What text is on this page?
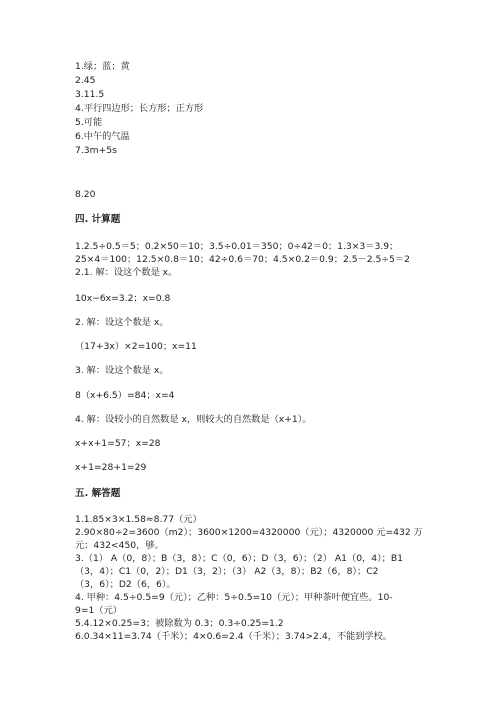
1.绿；蓝；黄

2.45

3.11.5

4.平行四边形；长方形；正方形

5.可能

6.中午的气温

7.3m+5s

8.20

四. 计算题

1.2.5÷0.5＝5；0.2×50＝10；3.5÷0.01＝350；0÷42＝0；1.3×3＝3.9；

25×4＝100；12.5×0.8＝10；42÷0.6＝70；4.5×0.2＝0.9；2.5－2.5÷5＝2

2.1. 解：设这个数是 x。

10x−6x=3.2；x=0.8

2. 解：设这个数是 x。

（17+3x）×2=100；x=11

3. 解：设这个数是 x。

8（x+6.5）=84；x=4

4. 解：设较小的自然数是 x，则较大的自然数是（x+1）。

x+x+1=57；x=28

x+1=28+1=29

五. 解答题

1.1.85×3×1.58≈8.77（元）

2.90×80÷2=3600（m2）；3600×1200=4320000（元）；4320000 元=432 万

元；432<450，够。

3.（1） A（0，8）；B（3，8）；C（0，6）；D（3，6）；（2） A1（0，4）；B1

（3，4）；C1（0，2）；D1（3，2）；（3） A2（3，8）；B2（6，8）；C2

（3，6）；D2（6，6）。

4. 甲种：4.5÷0.5=9（元）；乙种：5÷0.5=10（元）；甲种茶叶便宜些。10-

9=1（元）

5.4.12×0.25=3；被除数为 0.3；0.3÷0.25=1.2

6.0.34×11=3.74（千米）；4×0.6=2.4（千米）；3.74>2.4，不能到学校。
